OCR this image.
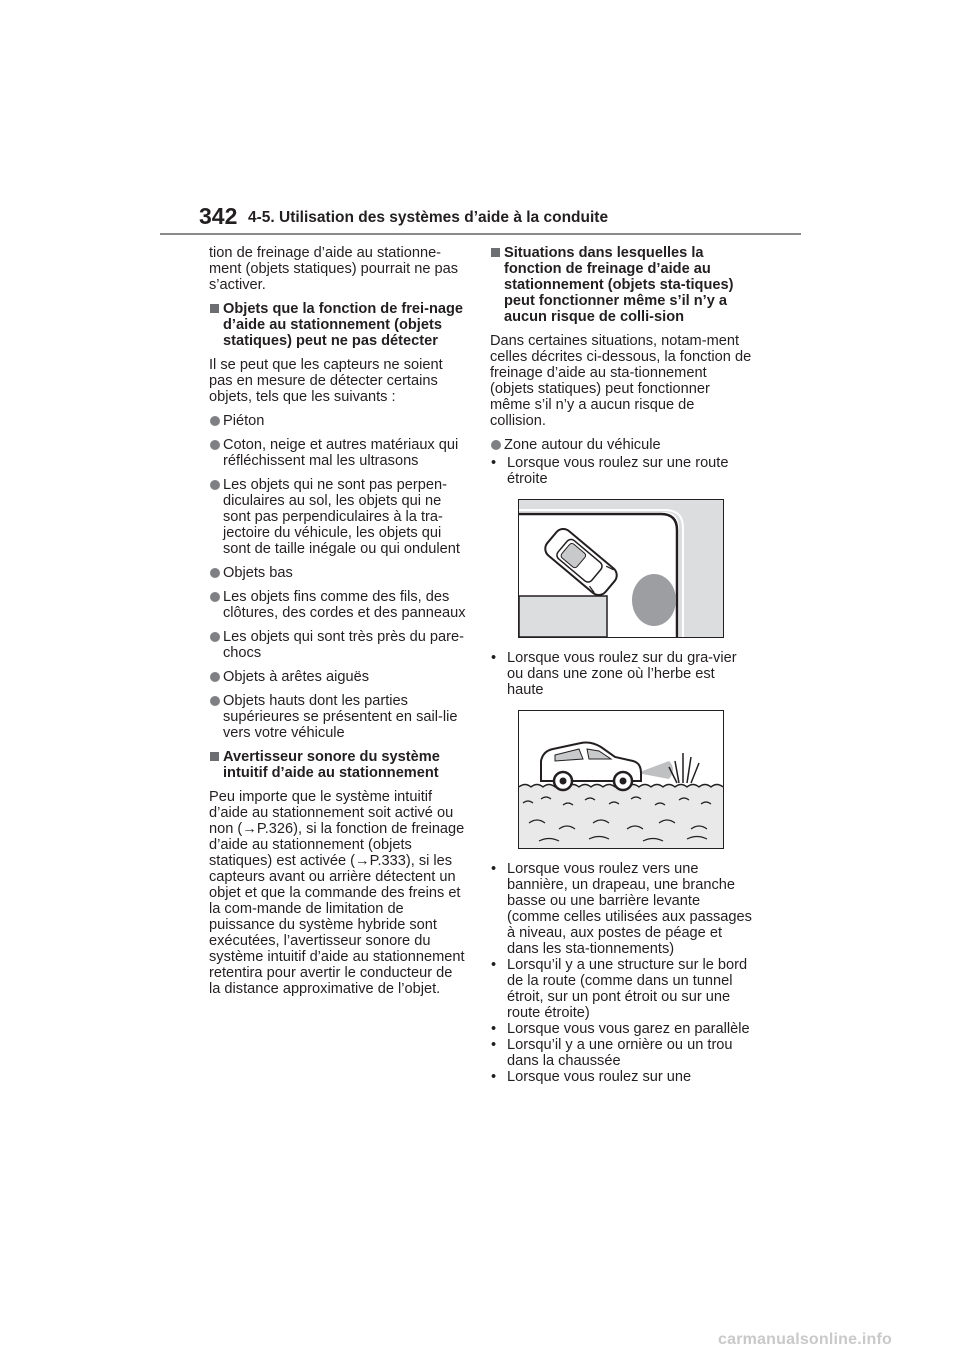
342 4-5. Utilisation des systèmes d’aide à la conduite

tion de freinage d’aide au stationne-ment (objets statiques) pourrait ne pas s’activer.

Objets que la fonction de frei-nage d’aide au stationnement (objets statiques) peut ne pas détecter

Il se peut que les capteurs ne soient pas en mesure de détecter certains objets, tels que les suivants :

Piéton
Coton, neige et autres matériaux qui réfléchissent mal les ultrasons
Les objets qui ne sont pas perpen-diculaires au sol, les objets qui ne sont pas perpendiculaires à la tra-jectoire du véhicule, les objets qui sont de taille inégale ou qui ondulent
Objets bas
Les objets fins comme des fils, des clôtures, des cordes et des panneaux
Les objets qui sont très près du pare-chocs
Objets à arêtes aiguës
Objets hauts dont les parties supérieures se présentent en sail-lie vers votre véhicule
Avertisseur sonore du système intuitif d’aide au stationnement

Peu importe que le système intuitif d’aide au stationnement soit activé ou non (→P.326), si la fonction de freinage d’aide au stationnement (objets statiques) est activée (→P.333), si les capteurs avant ou arrière détectent un objet et que la commande des freins et la com-mande de limitation de puissance du système hybride sont exécutées, l’avertisseur sonore du système intuitif d’aide au stationnement retentira pour avertir le conducteur de la distance approximative de l’objet.

Situations dans lesquelles la fonction de freinage d’aide au stationnement (objets sta-tiques) peut fonctionner même s’il n’y a aucun risque de colli-sion

Dans certaines situations, notam-ment celles décrites ci-dessous, la fonction de freinage d’aide au sta-tionnement (objets statiques) peut fonctionner même s’il n’y a aucun risque de collision.

Zone autour du véhicule
• Lorsque vous roulez sur une route étroite
• Lorsque vous roulez sur du gra-vier ou dans une zone où l’herbe est haute
• Lorsque vous roulez vers une bannière, un drapeau, une branche basse ou une barrière levante (comme celles utilisées aux passages à niveau, aux postes de péage et dans les sta-tionnements)
• Lorsqu’il y a une structure sur le bord de la route (comme dans un tunnel étroit, sur un pont étroit ou sur une route étroite)
• Lorsque vous vous garez en parallèle
• Lorsqu’il y a une ornière ou un trou dans la chaussée
• Lorsque vous roulez sur une
carmanualsonline.info
